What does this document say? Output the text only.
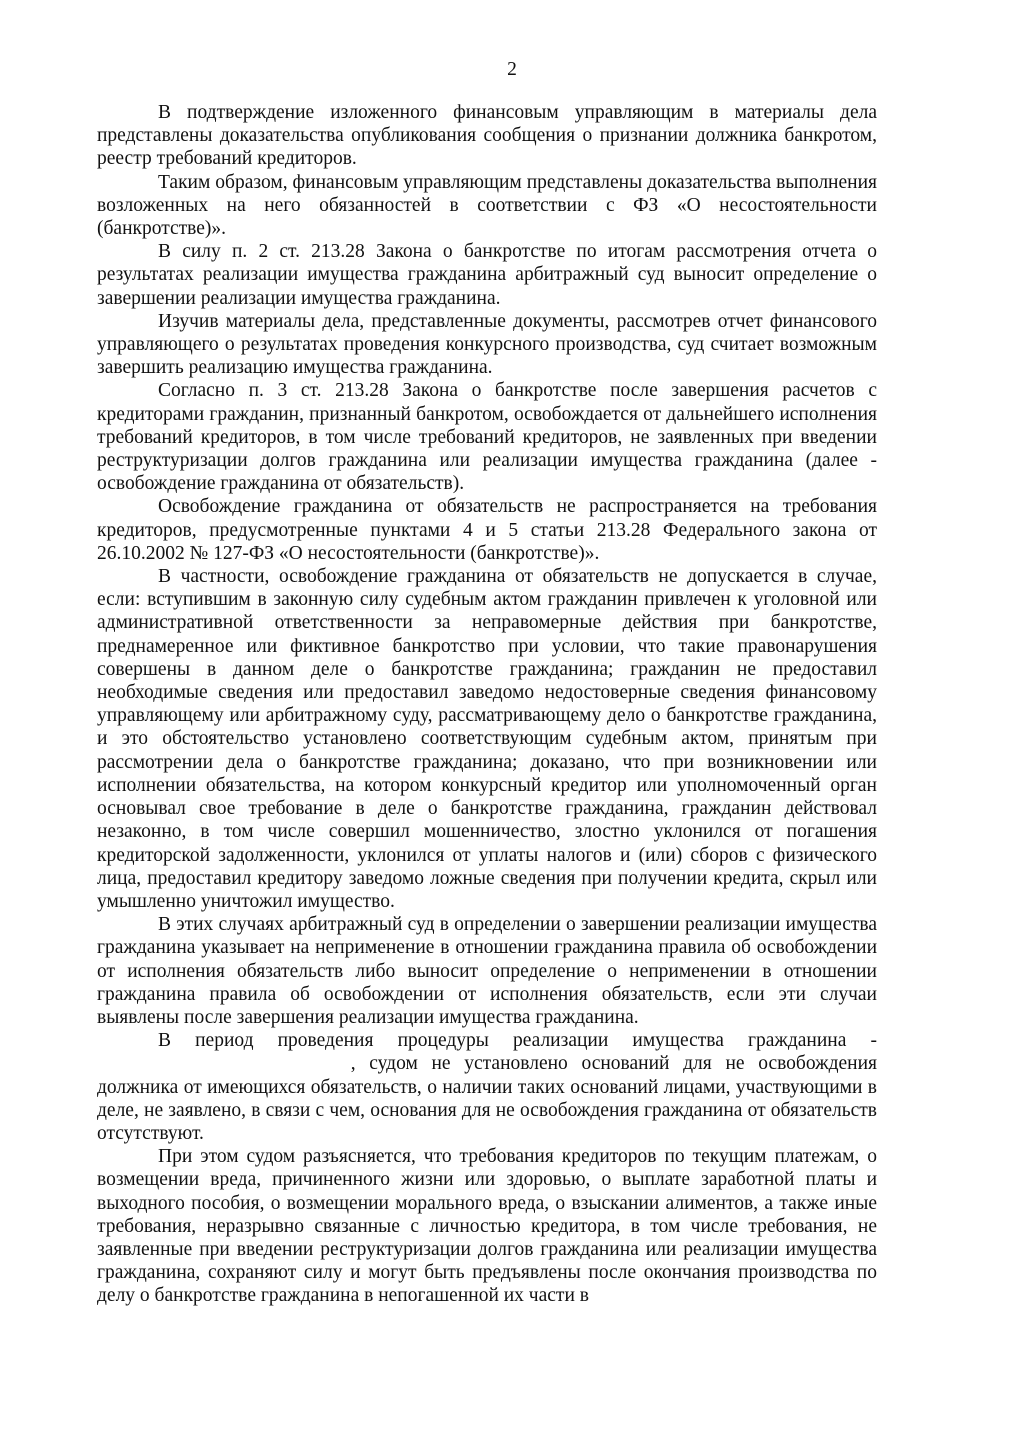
2

В подтверждение изложенного финансовым управляющим в материалы дела представлены доказательства опубликования сообщения о признании должника банкротом, реестр требований кредиторов.

Таким образом, финансовым управляющим представлены доказательства выполнения возложенных на него обязанностей в соответствии с ФЗ «О несостоятельности (банкротстве)».

В силу п. 2 ст. 213.28 Закона о банкротстве по итогам рассмотрения отчета о результатах реализации имущества гражданина арбитражный суд выносит определение о завершении реализации имущества гражданина.

Изучив материалы дела, представленные документы, рассмотрев отчет финансового управляющего о результатах проведения конкурсного производства, суд считает возможным завершить реализацию имущества гражданина.

Согласно п. 3 ст. 213.28 Закона о банкротстве после завершения расчетов с кредиторами гражданин, признанный банкротом, освобождается от дальнейшего исполнения требований кредиторов, в том числе требований кредиторов, не заявленных при введении реструктуризации долгов гражданина или реализации имущества гражданина (далее - освобождение гражданина от обязательств).

Освобождение гражданина от обязательств не распространяется на требования кредиторов, предусмотренные пунктами 4 и 5 статьи 213.28 Федерального закона от 26.10.2002 № 127-ФЗ «О несостоятельности (банкротстве)».

В частности, освобождение гражданина от обязательств не допускается в случае, если: вступившим в законную силу судебным актом гражданин привлечен к уголовной или административной ответственности за неправомерные действия при банкротстве, преднамеренное или фиктивное банкротство при условии, что такие правонарушения совершены в данном деле о банкротстве гражданина; гражданин не предоставил необходимые сведения или предоставил заведомо недостоверные сведения финансовому управляющему или арбитражному суду, рассматривающему дело о банкротстве гражданина, и это обстоятельство установлено соответствующим судебным актом, принятым при рассмотрении дела о банкротстве гражданина; доказано, что при возникновении или исполнении обязательства, на котором конкурсный кредитор или уполномоченный орган основывал свое требование в деле о банкротстве гражданина, гражданин действовал незаконно, в том числе совершил мошенничество, злостно уклонился от погашения кредиторской задолженности, уклонился от уплаты налогов и (или) сборов с физического лица, предоставил кредитору заведомо ложные сведения при получении кредита, скрыл или умышленно уничтожил имущество.

В этих случаях арбитражный суд в определении о завершении реализации имущества гражданина указывает на неприменение в отношении гражданина правила об освобождении от исполнения обязательств либо выносит определение о неприменении в отношении гражданина правила об освобождении от исполнения обязательств, если эти случаи выявлены после завершения реализации имущества гражданина.

В период проведения процедуры реализации имущества гражданина -  , судом не установлено оснований для не освобождения должника от имеющихся обязательств, о наличии таких оснований лицами, участвующими в деле, не заявлено, в связи с чем, основания для не освобождения гражданина от обязательств отсутствуют.

При этом судом разъясняется, что требования кредиторов по текущим платежам, о возмещении вреда, причиненного жизни или здоровью, о выплате заработной платы и выходного пособия, о возмещении морального вреда, о взыскании алиментов, а также иные требования, неразрывно связанные с личностью кредитора, в том числе требования, не заявленные при введении реструктуризации долгов гражданина или реализации имущества гражданина, сохраняют силу и могут быть предъявлены после окончания производства по делу о банкротстве гражданина в непогашенной их части в
